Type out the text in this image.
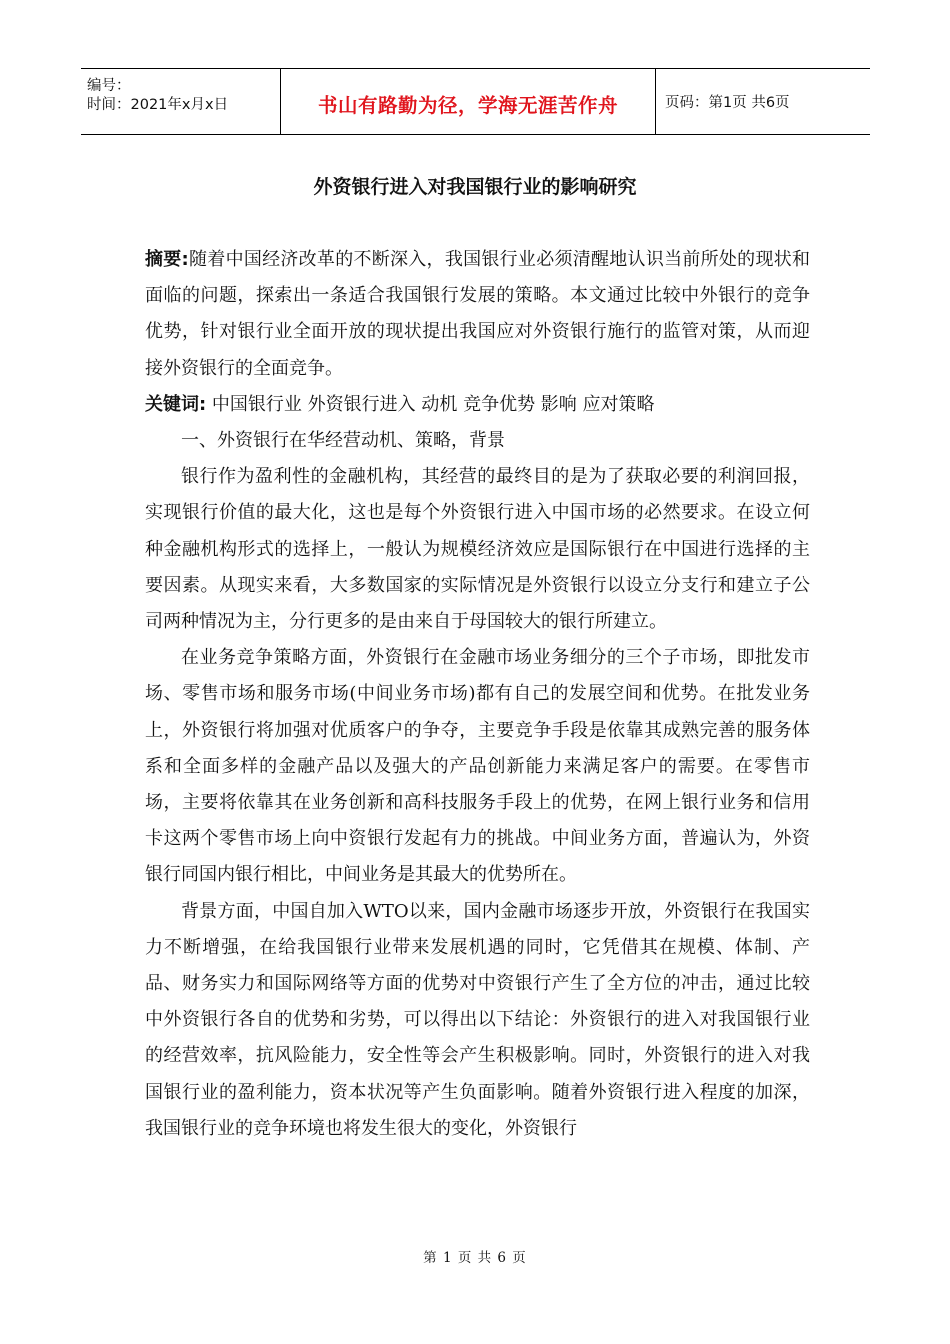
编号：
时间：2021年x月x日	书山有路勤为径，学海无涯苦作舟	页码：第1页 共6页
外资银行进入对我国银行业的影响研究

摘要:随着中国经济改革的不断深入，我国银行业必须清醒地认识当前所处的现状和面临的问题，探索出一条适合我国银行发展的策略。本文通过比较中外银行的竞争优势，针对银行业全面开放的现状提出我国应对外资银行施行的监管对策，从而迎接外资银行的全面竞争。

关键词: 中国银行业 外资银行进入 动机 竞争优势 影响 应对策略

一、外资银行在华经营动机、策略，背景

银行作为盈利性的金融机构，其经营的最终目的是为了获取必要的利润回报，实现银行价值的最大化，这也是每个外资银行进入中国市场的必然要求。在设立何种金融机构形式的选择上，一般认为规模经济效应是国际银行在中国进行选择的主要因素。从现实来看，大多数国家的实际情况是外资银行以设立分支行和建立子公司两种情况为主，分行更多的是由来自于母国较大的银行所建立。

在业务竞争策略方面，外资银行在金融市场业务细分的三个子市场，即批发市场、零售市场和服务市场(中间业务市场)都有自己的发展空间和优势。在批发业务上，外资银行将加强对优质客户的争夺，主要竞争手段是依靠其成熟完善的服务体系和全面多样的金融产品以及强大的产品创新能力来满足客户的需要。在零售市场，主要将依靠其在业务创新和高科技服务手段上的优势，在网上银行业务和信用卡这两个零售市场上向中资银行发起有力的挑战。中间业务方面，普遍认为，外资银行同国内银行相比，中间业务是其最大的优势所在。

背景方面，中国自加入WTO以来，国内金融市场逐步开放，外资银行在我国实力不断增强，在给我国银行业带来发展机遇的同时，它凭借其在规模、体制、产品、财务实力和国际网络等方面的优势对中资银行产生了全方位的冲击，通过比较中外资银行各自的优势和劣势，可以得出以下结论：外资银行的进入对我国银行业的经营效率，抗风险能力，安全性等会产生积极影响。同时，外资银行的进入对我国银行业的盈利能力，资本状况等产生负面影响。随着外资银行进入程度的加深，我国银行业的竞争环境也将发生很大的变化，外资银行

第 1 页 共 6 页
